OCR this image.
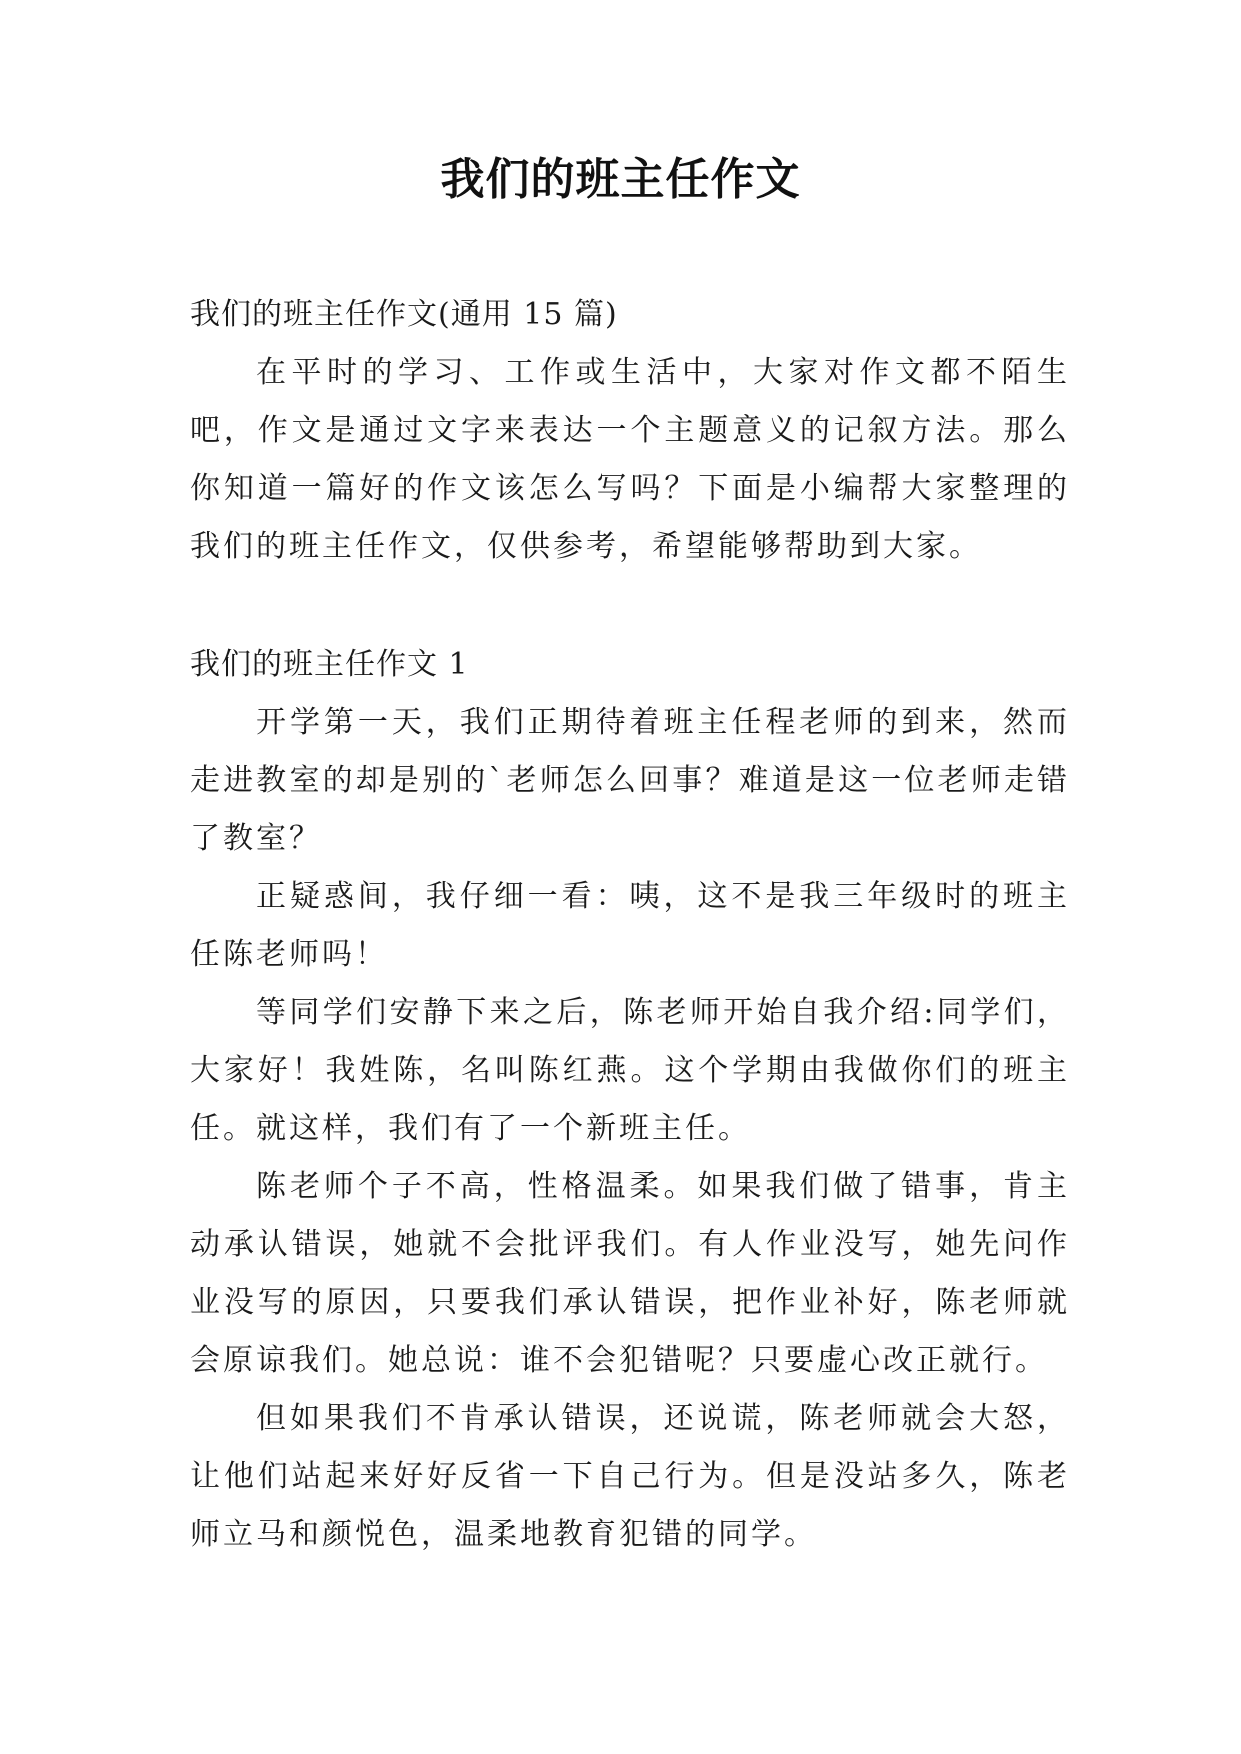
我们的班主任作文

我们的班主任作文(通用 15 篇)

在平时的学习、工作或生活中，大家对作文都不陌生吧，作文是通过文字来表达一个主题意义的记叙方法。那么你知道一篇好的作文该怎么写吗？下面是小编帮大家整理的我们的班主任作文，仅供参考，希望能够帮助到大家。

我们的班主任作文 1

开学第一天，我们正期待着班主任程老师的到来，然而走进教室的却是别的`老师怎么回事？难道是这一位老师走错了教室？

正疑惑间，我仔细一看：咦，这不是我三年级时的班主任陈老师吗！

等同学们安静下来之后，陈老师开始自我介绍:同学们，大家好！我姓陈，名叫陈红燕。这个学期由我做你们的班主任。就这样，我们有了一个新班主任。

陈老师个子不高，性格温柔。如果我们做了错事，肯主动承认错误，她就不会批评我们。有人作业没写，她先问作业没写的原因，只要我们承认错误，把作业补好，陈老师就会原谅我们。她总说：谁不会犯错呢？只要虚心改正就行。

但如果我们不肯承认错误，还说谎，陈老师就会大怒，让他们站起来好好反省一下自己行为。但是没站多久，陈老师立马和颜悦色，温柔地教育犯错的同学。
